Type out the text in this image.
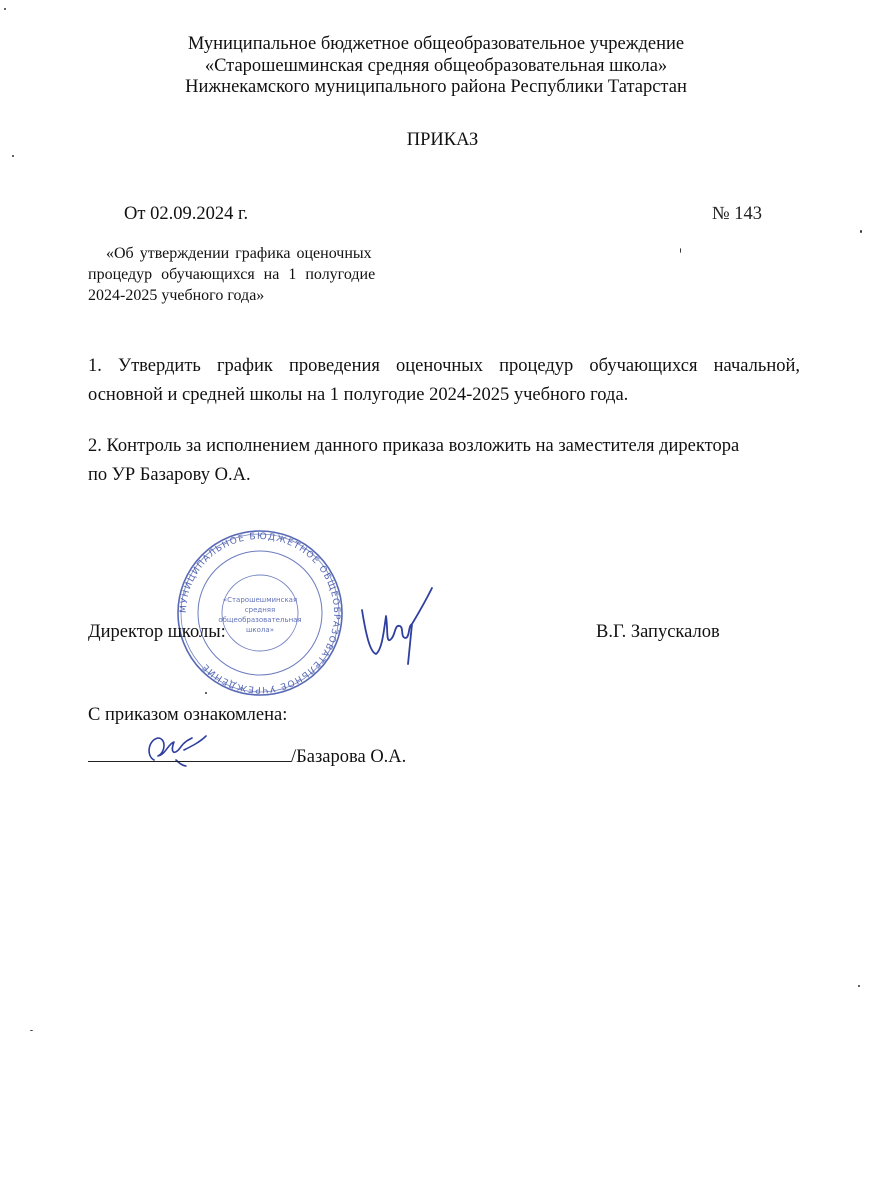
Муниципальное бюджетное общеобразовательное учреждение
«Старошешминская средняя общеобразовательная школа»
Нижнекамского муниципального района Республики Татарстан
ПРИКАЗ
От 02.09.2024 г.	№ 143
«Об утверждении графика оценочных
процедур обучающихся на 1 полугодие
2024-2025 учебного года»
1. Утвердить график проведения оценочных процедур обучающихся начальной,
основной и средней школы на 1 полугодие 2024-2025 учебного года.
2. Контроль за исполнением данного приказа возложить на заместителя директора
по УР Базарову О.А.
МУНИЦИПАЛЬНОЕ БЮДЖЕТНОЕ ОБЩЕОБРАЗОВАТЕЛЬНОЕ УЧРЕЖДЕНИЕ
«Старошешминская
средняя
общеобразовательная
школа»
Директор школы:	В.Г. Запускалов
С приказом ознакомлена:
/Базарова О.А.
